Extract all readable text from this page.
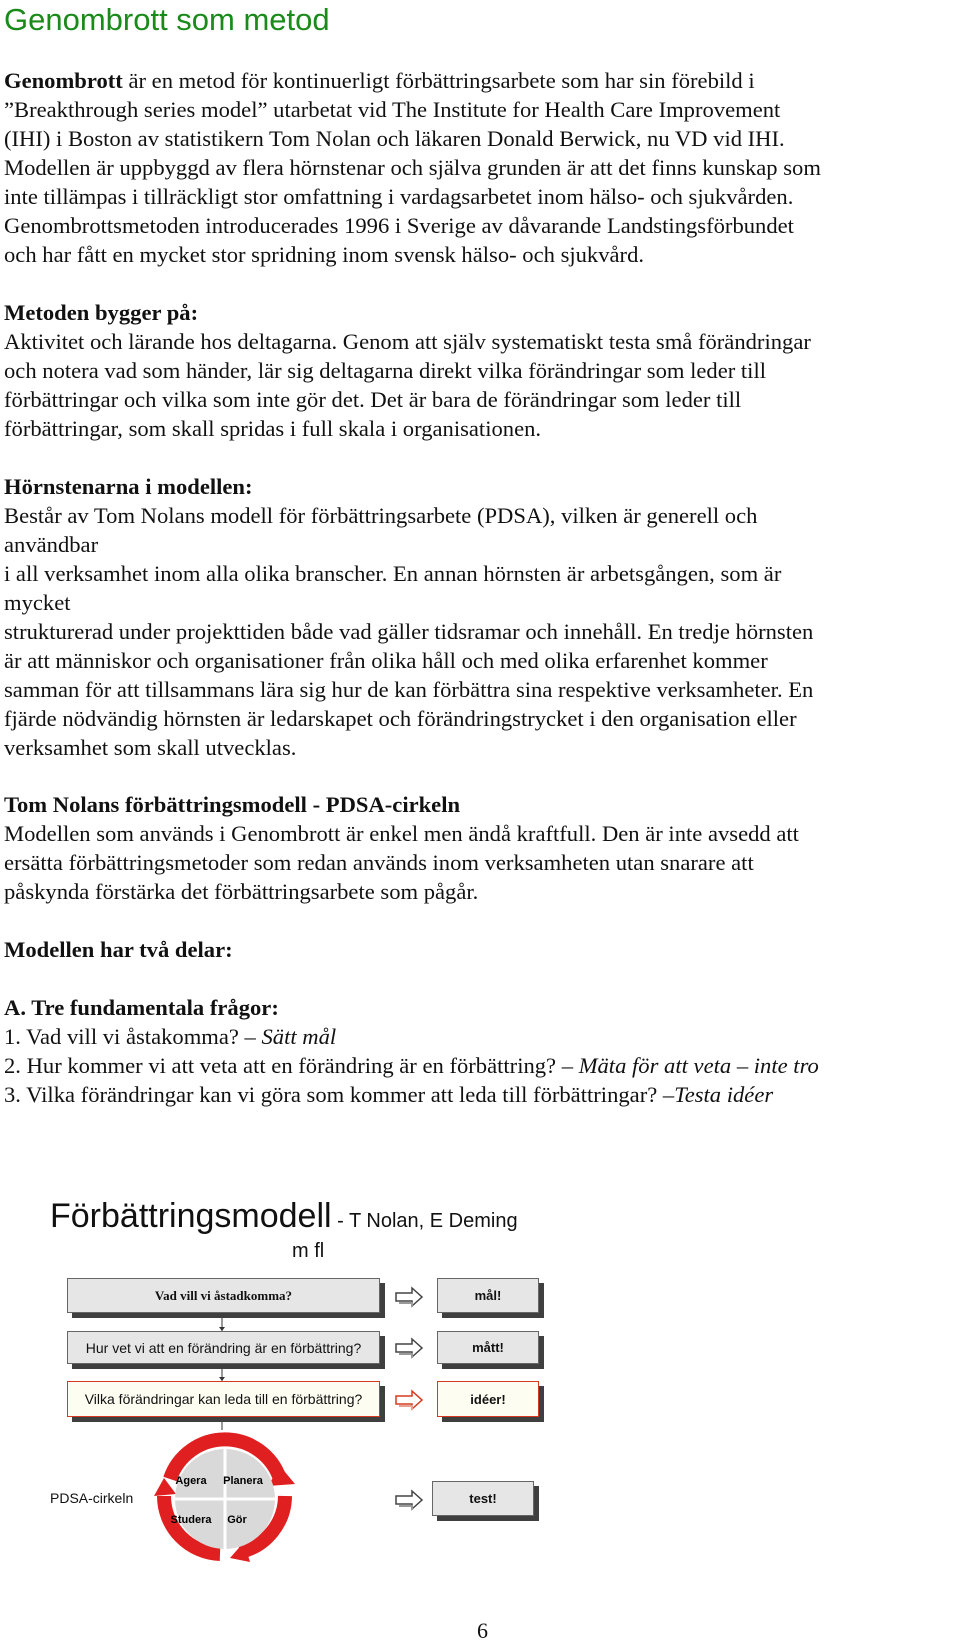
Genombrott som metod
Genombrott är en metod för kontinuerligt förbättringsarbete som har sin förebild i
”Breakthrough series model” utarbetat vid The Institute for Health Care Improvement
(IHI) i Boston av statistikern Tom Nolan och läkaren Donald Berwick, nu VD vid IHI.
Modellen är uppbyggd av flera hörnstenar och själva grunden är att det finns kunskap som
inte tillämpas i tillräckligt stor omfattning i vardagsarbetet inom hälso- och sjukvården.
Genombrottsmetoden introducerades 1996 i Sverige av dåvarande Landstingsförbundet
och har fått en mycket stor spridning inom svensk hälso- och sjukvård.
Metoden bygger på:
Aktivitet och lärande hos deltagarna. Genom att själv systematiskt testa små förändringar
och notera vad som händer, lär sig deltagarna direkt vilka förändringar som leder till
förbättringar och vilka som inte gör det. Det är bara de förändringar som leder till
förbättringar, som skall spridas i full skala i organisationen.
Hörnstenarna i modellen:
Består av Tom Nolans modell för förbättringsarbete (PDSA), vilken är generell och
användbar
i all verksamhet inom alla olika branscher. En annan hörnsten är arbetsgången, som är
mycket
strukturerad under projekttiden både vad gäller tidsramar och innehåll. En tredje hörnsten
är att människor och organisationer från olika håll och med olika erfarenhet kommer
samman för att tillsammans lära sig hur de kan förbättra sina respektive verksamheter. En
fjärde nödvändig hörnsten är ledarskapet och förändringstrycket i den organisation eller
verksamhet som skall utvecklas.
Tom Nolans förbättringsmodell - PDSA-cirkeln
Modellen som används i Genombrott är enkel men ändå kraftfull. Den är inte avsedd att
ersätta förbättringsmetoder som redan används inom verksamheten utan snarare att
påskynda förstärka det förbättringsarbete som pågår.
Modellen har två delar:
A. Tre fundamentala frågor:
1. Vad vill vi åstakomma? – Sätt mål
2. Hur kommer vi att veta att en förändring är en förbättring? – Mäta för att veta – inte tro
3. Vilka förändringar kan vi göra som kommer att leda till förbättringar? –Testa idéer
Förbättringsmodell - T Nolan, E Deming
m fl
Vad vill vi åstadkomma?
Hur vet vi att en förändring är en förbättring?
Vilka förändringar kan leda till en förbättring?
mål!
mått!
idéer!
test!
PDSA-cirkeln
Agera Planera
Studera Gör
6
